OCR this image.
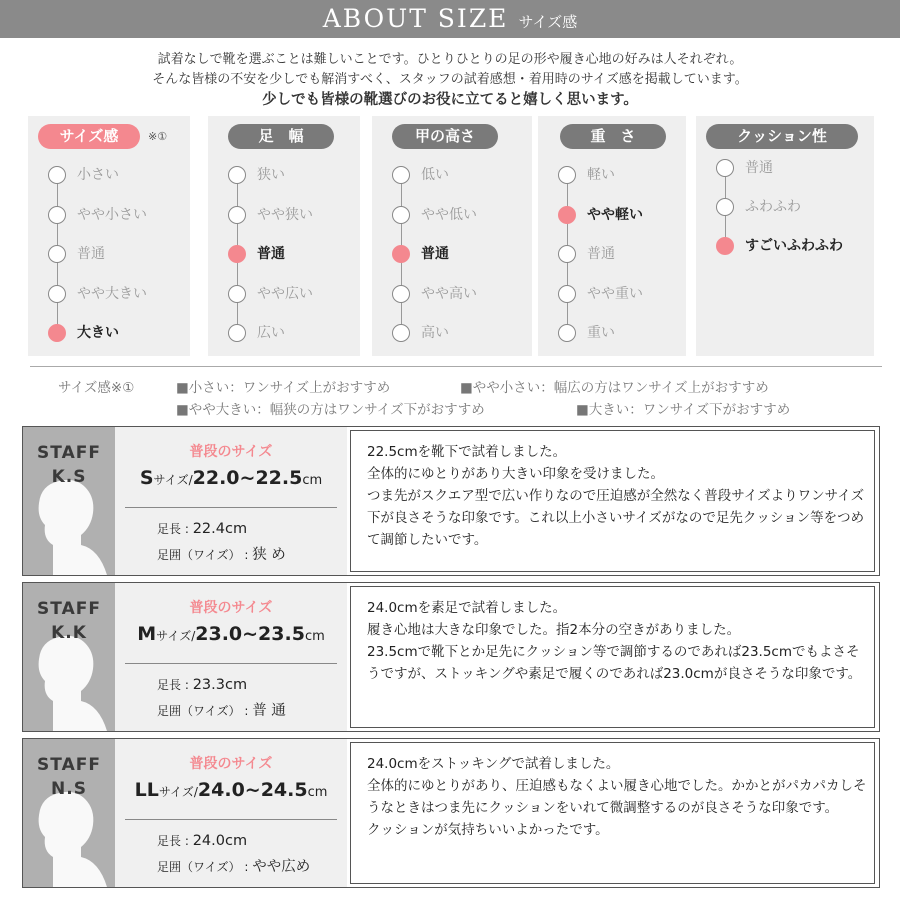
ABOUT SIZE サイズ感
試着なしで靴を選ぶことは難しいことです。ひとりひとりの足の形や履き心地の好みは人それぞれ。
そんな皆様の不安を少しでも解消すべく、スタッフの試着感想・着用時のサイズ感を掲載しています。
少しでも皆様の靴選びのお役に立てると嬉しく思います。
サイズ感	※①
小さい
やや小さい
普通
やや大きい
大きい
足　幅
狭い
やや狭い
普通
やや広い
広い
甲の高さ
低い
やや低い
普通
やや高い
高い
重　さ
軽い
やや軽い
普通
やや重い
重い
クッション性
普通
ふわふわ
すごいふわふわ
サイズ感※①	■小さい：ワンサイズ上がおすすめ	■やや小さい：幅広の方はワンサイズ上がおすすめ
■やや大きい：幅狭の方はワンサイズ下がおすすめ	■大きい：ワンサイズ下がおすすめ
STAFF
K.S
普段のサイズ
Sサイズ/22.0~22.5cm
足長 : 22.4cm
足囲（ワイズ） : 狭 め
22.5cmを靴下で試着しました。
全体的にゆとりがあり大きい印象を受けました。
つま先がスクエア型で広い作りなので圧迫感が全然なく普段サイズよりワンサイズ下が良さそうな印象です。これ以上小さいサイズがなので足先クッション等をつめて調節したいです。
STAFF
K.K
普段のサイズ
Mサイズ/23.0~23.5cm
足長 : 23.3cm
足囲（ワイズ） : 普 通
24.0cmを素足で試着しました。
履き心地は大きな印象でした。指2本分の空きがありました。
23.5cmで靴下とか足先にクッション等で調節するのであれば23.5cmでもよさそうですが、ストッキングや素足で履くのであれば23.0cmが良さそうな印象です。
STAFF
N.S
普段のサイズ
LLサイズ/24.0~24.5cm
足長 : 24.0cm
足囲（ワイズ） : やや広め
24.0cmをストッキングで試着しました。
全体的にゆとりがあり、圧迫感もなくよい履き心地でした。かかとがパカパカしそうなときはつま先にクッションをいれて微調整するのが良さそうな印象です。
クッションが気持ちいいよかったです。
